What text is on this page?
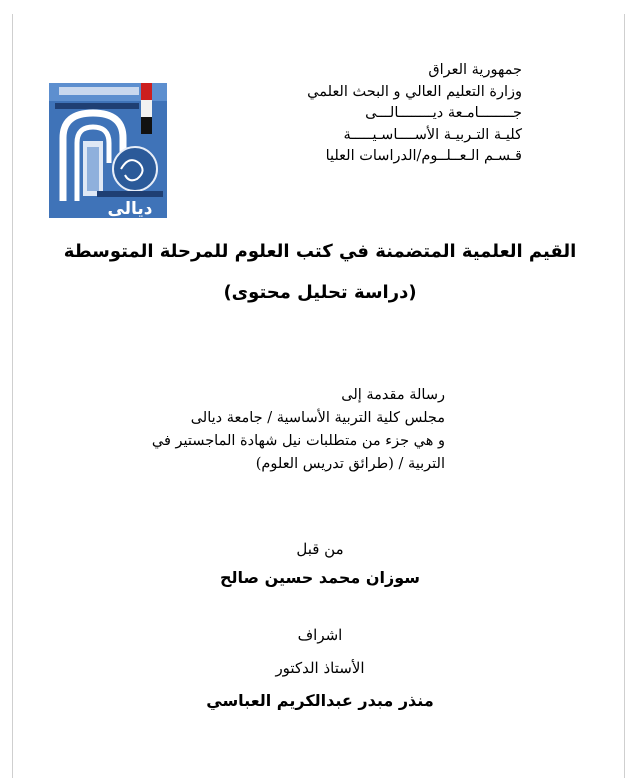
جمهورية العراق
وزارة التعليم العالي و البحث العلمي
جــــــــامـعة ديــــــــالـــى
كليـة التـربيـة الأســــاسـيـــــة
قـسـم الـعــلــوم/الدراسات العليا
ديالى
القيم العلمية المتضمنة في كتب العلوم للمرحلة المتوسطة
(دراسة تحليل محتوى)
رسالة مقدمة إلى
مجلس كلية التربية الأساسية / جامعة ديالى
و هي جزء من متطلبات نيل شهادة الماجستير في
التربية / (طرائق تدريس العلوم)
من قبل
سوزان محمد حسين صالح
اشراف
الأستاذ الدكتور
منذر مبدر عبدالكريم العباسي
